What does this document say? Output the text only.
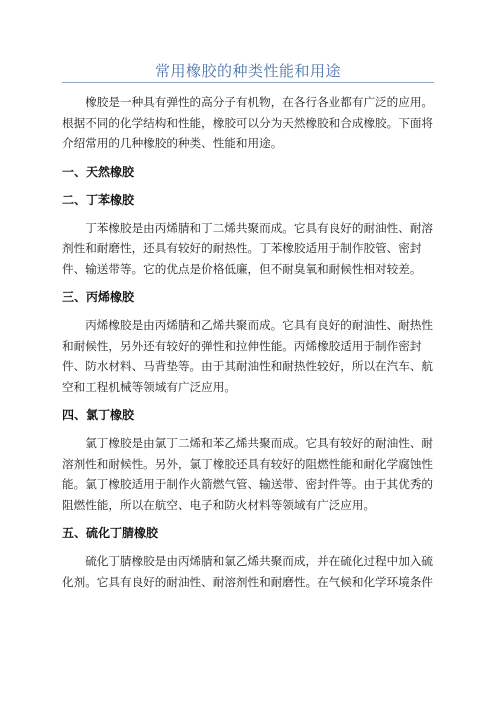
常用橡胶的种类性能和用途

橡胶是一种具有弹性的高分子有机物，在各行各业都有广泛的应用。根据不同的化学结构和性能，橡胶可以分为天然橡胶和合成橡胶。下面将介绍常用的几种橡胶的种类、性能和用途。

一、天然橡胶

二、丁苯橡胶

丁苯橡胶是由丙烯腈和丁二烯共聚而成。它具有良好的耐油性、耐溶剂性和耐磨性，还具有较好的耐热性。丁苯橡胶适用于制作胶管、密封件、输送带等。它的优点是价格低廉，但不耐臭氧和耐候性相对较差。

三、丙烯橡胶

丙烯橡胶是由丙烯腈和乙烯共聚而成。它具有良好的耐油性、耐热性和耐候性，另外还有较好的弹性和拉伸性能。丙烯橡胶适用于制作密封件、防水材料、马背垫等。由于其耐油性和耐热性较好，所以在汽车、航空和工程机械等领域有广泛应用。

四、氯丁橡胶

氯丁橡胶是由氯丁二烯和苯乙烯共聚而成。它具有较好的耐油性、耐溶剂性和耐候性。另外，氯丁橡胶还具有较好的阻燃性能和耐化学腐蚀性能。氯丁橡胶适用于制作火箭燃气管、输送带、密封件等。由于其优秀的阻燃性能，所以在航空、电子和防火材料等领域有广泛应用。

五、硫化丁腈橡胶

硫化丁腈橡胶是由丙烯腈和氯乙烯共聚而成，并在硫化过程中加入硫化剂。它具有良好的耐油性、耐溶剂性和耐磨性。在气候和化学环境条件
